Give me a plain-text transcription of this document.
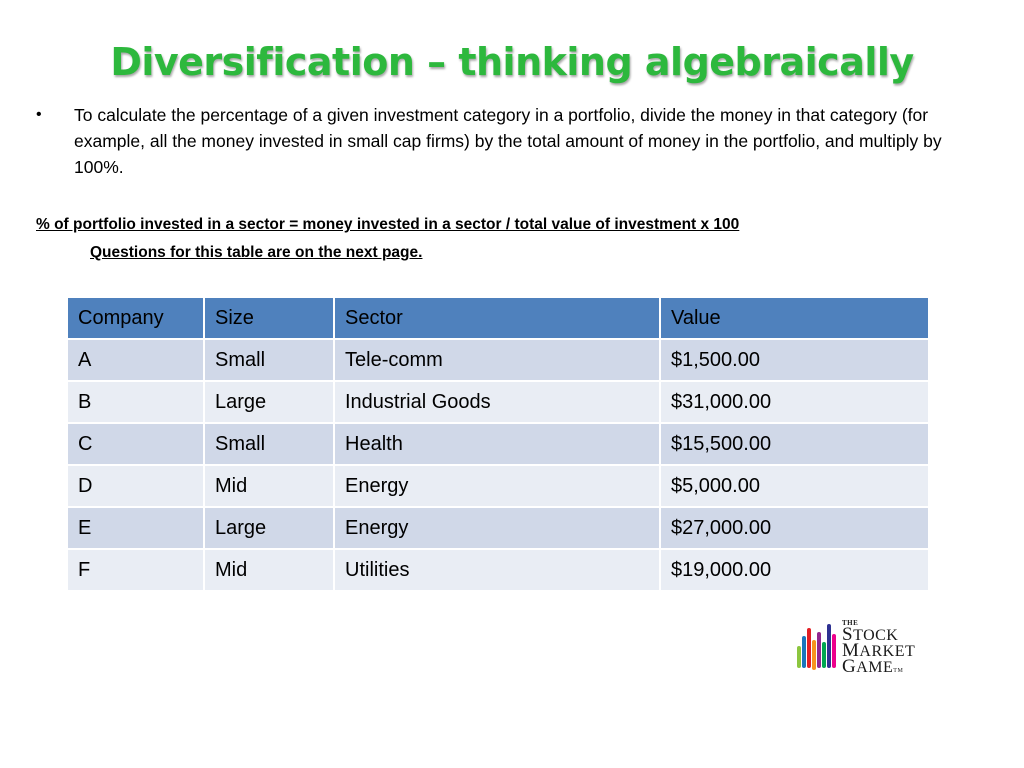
Diversification – thinking algebraically
•	To calculate the percentage of a given investment category in a portfolio, divide the money in that category (for example, all the money invested in small cap firms) by the total amount of money in the portfolio, and multiply by 100%.
% of portfolio invested in a sector = money invested in a sector / total value of investment x 100
Questions for this table are on the next page.
Company	Size	Sector	Value
A	Small	Tele-comm	$1,500.00
B	Large	Industrial Goods	$31,000.00
C	Small	Health	$15,500.00
D	Mid	Energy	$5,000.00
E	Large	Energy	$27,000.00
F	Mid	Utilities	$19,000.00
THE
STOCK
MARKET
GAMETM
